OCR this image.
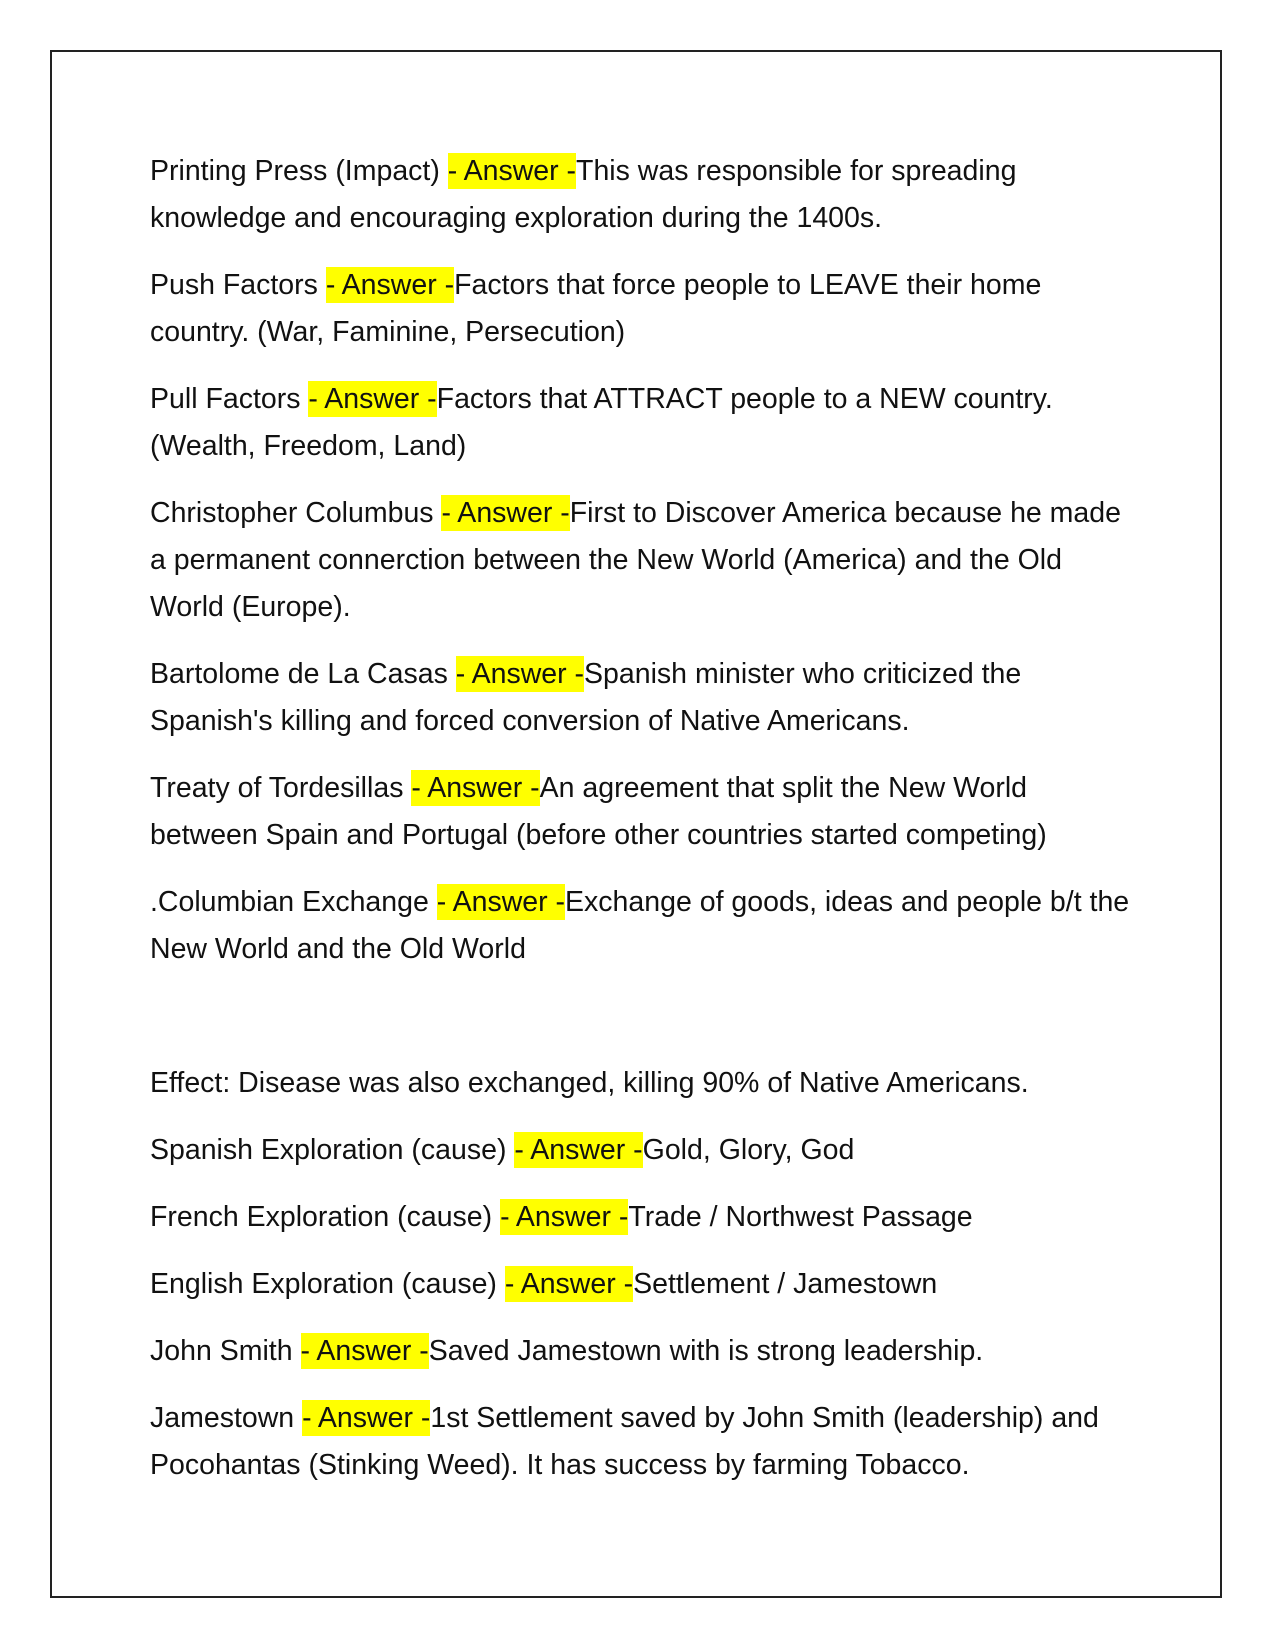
Printing Press (Impact) - Answer -This was responsible for spreading knowledge and encouraging exploration during the 1400s.

Push Factors - Answer -Factors that force people to LEAVE their home country. (War, Faminine, Persecution)

Pull Factors - Answer -Factors that ATTRACT people to a NEW country. (Wealth, Freedom, Land)

Christopher Columbus - Answer -First to Discover America because he made a permanent connerction between the New World (America) and the Old World (Europe).

Bartolome de La Casas - Answer -Spanish minister who criticized the Spanish's killing and forced conversion of Native Americans.

Treaty of Tordesillas - Answer -An agreement that split the New World between Spain and Portugal (before other countries started competing)

.Columbian Exchange - Answer -Exchange of goods, ideas and people b/t the New World and the Old World

Effect: Disease was also exchanged, killing 90% of Native Americans.

Spanish Exploration (cause) - Answer -Gold, Glory, God

French Exploration (cause) - Answer -Trade / Northwest Passage

English Exploration (cause) - Answer -Settlement / Jamestown

John Smith - Answer -Saved Jamestown with is strong leadership.

Jamestown - Answer -1st Settlement saved by John Smith (leadership) and Pocohantas (Stinking Weed). It has success by farming Tobacco.
